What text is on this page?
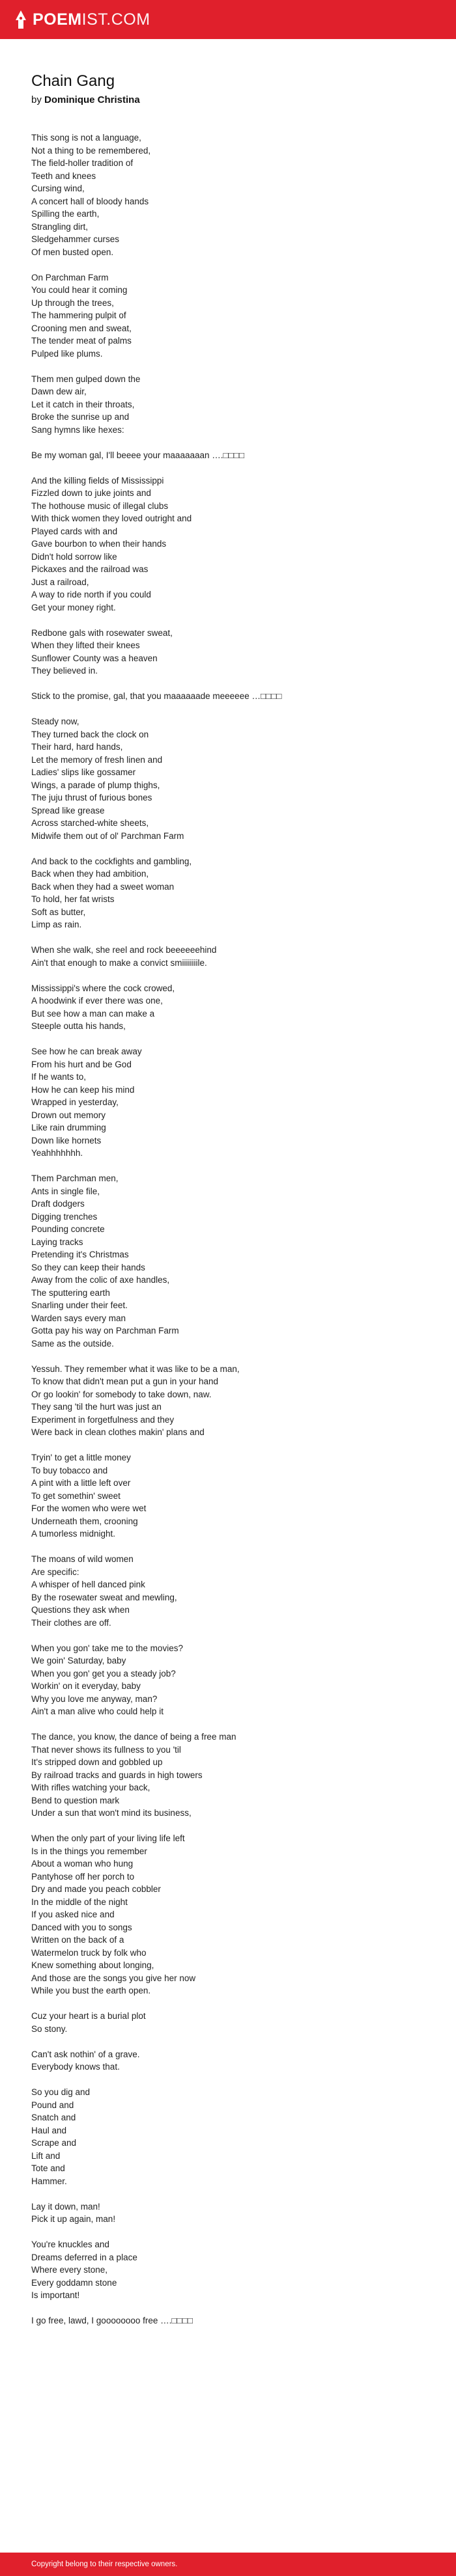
POEMIST.COM
Chain Gang
by Dominique Christina
This song is not a language,
Not a thing to be remembered,
The field-holler tradition of
Teeth and knees
Cursing wind,
A concert hall of bloody hands
Spilling the earth,
Strangling dirt,
Sledgehammer curses
Of men busted open.
On Parchman Farm
You could hear it coming
Up through the trees,
The hammering pulpit of
Crooning men and sweat,
The tender meat of palms
Pulped like plums.
Them men gulped down the
Dawn dew air,
Let it catch in their throats,
Broke the sunrise up and
Sang hymns like hexes:
Be my woman gal, I'll beeee your maaaaaaan ….□□□□
And the killing fields of Mississippi
Fizzled down to juke joints and
The hothouse music of illegal clubs
With thick women they loved outright and
Played cards with and
Gave bourbon to when their hands
Didn't hold sorrow like
Pickaxes and the railroad was
Just a railroad,
A way to ride north if you could
Get your money right.
Redbone gals with rosewater sweat,
When they lifted their knees
Sunflower County was a heaven
They believed in.
Stick to the promise, gal, that you maaaaaade meeeeee …□□□□
Steady now,
They turned back the clock on
Their hard, hard hands,
Let the memory of fresh linen and
Ladies' slips like gossamer
Wings, a parade of plump thighs,
The juju thrust of furious bones
Spread like grease
Across starched-white sheets,
Midwife them out of ol' Parchman Farm
And back to the cockfights and gambling,
Back when they had ambition,
Back when they had a sweet woman
To hold, her fat wrists
Soft as butter,
Limp as rain.
When she walk, she reel and rock beeeeeehind
Ain't that enough to make a convict smiiiiiiiile.
Mississippi's where the cock crowed,
A hoodwink if ever there was one,
But see how a man can make a
Steeple outta his hands,
See how he can break away
From his hurt and be God
If he wants to,
How he can keep his mind
Wrapped in yesterday,
Drown out memory
Like rain drumming
Down like hornets
Yeahhhhhhh.
Them Parchman men,
Ants in single file,
Draft dodgers
Digging trenches
Pounding concrete
Laying tracks
Pretending it's Christmas
So they can keep their hands
Away from the colic of axe handles,
The sputtering earth
Snarling under their feet.
Warden says every man
Gotta pay his way on Parchman Farm
Same as the outside.
Yessuh. They remember what it was like to be a man,
To know that didn't mean put a gun in your hand
Or go lookin' for somebody to take down, naw.
They sang 'til the hurt was just an
Experiment in forgetfulness and they
Were back in clean clothes makin' plans and
Tryin' to get a little money
To buy tobacco and
A pint with a little left over
To get somethin' sweet
For the women who were wet
Underneath them, crooning
A tumorless midnight.
The moans of wild women
Are specific:
A whisper of hell danced pink
By the rosewater sweat and mewling,
Questions they ask when
Their clothes are off.
When you gon' take me to the movies?
We goin' Saturday, baby
When you gon' get you a steady job?
Workin' on it everyday, baby
Why you love me anyway, man?
Ain't a man alive who could help it
The dance, you know, the dance of being a free man
That never shows its fullness to you 'til
It's stripped down and gobbled up
By railroad tracks and guards in high towers
With rifles watching your back,
Bend to question mark
Under a sun that won't mind its business,
When the only part of your living life left
Is in the things you remember
About a woman who hung
Pantyhose off her porch to
Dry and made you peach cobbler
In the middle of the night
If you asked nice and
Danced with you to songs
Written on the back of a
Watermelon truck by folk who
Knew something about longing,
And those are the songs you give her now
While you bust the earth open.
Cuz your heart is a burial plot
So stony.
Can't ask nothin' of a grave.
Everybody knows that.
So you dig and
Pound and
Snatch and
Haul and
Scrape and
Lift and
Tote and
Hammer.
Lay it down, man!
Pick it up again, man!
You're knuckles and
Dreams deferred in a place
Where every stone,
Every goddamn stone
Is important!
I go free, lawd, I goooooooo free ….□□□□
Copyright belong to their respective owners.
